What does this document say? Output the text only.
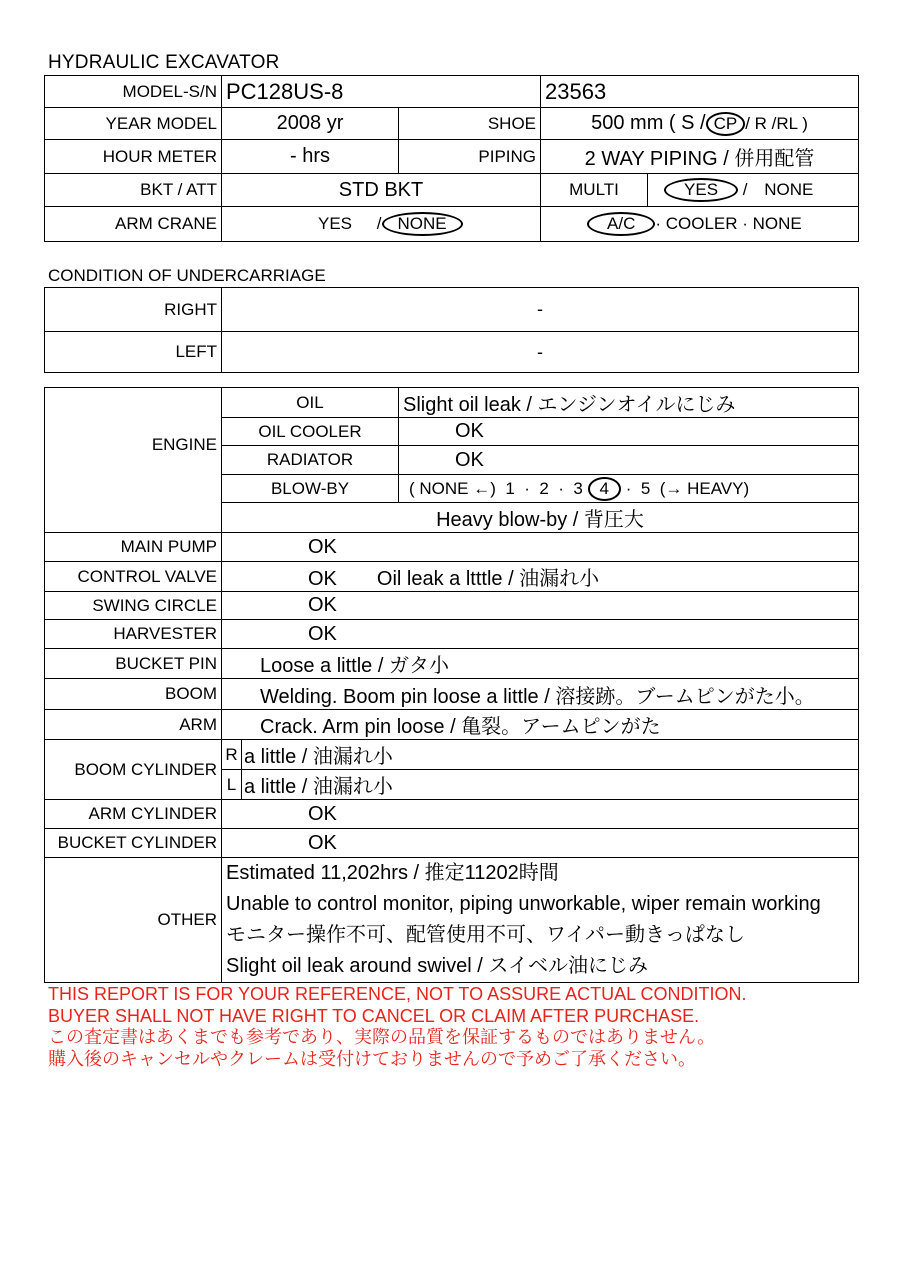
HYDRAULIC EXCAVATOR
MODEL-S/N	PC128US-8		23563	
YEAR MODEL	2008 yr	SHOE	500 mm ( S / CP / R /RL )	
HOUR METER	- hrs	PIPING	2 WAY PIPING / 併用配管	
BKT / ATT	STD BKT		MULTI	YES / NONE
ARM CRANE	YES / NONE		A/C · COOLER · NONE	
CONDITION OF UNDERCARRIAGE
RIGHT	-
LEFT	-
ENGINE	OIL		Slight oil leak / エンジンオイルにじみ
	OIL COOLER		OK
	RADIATOR		OK
	BLOW-BY		( NONE ←)  1  ·  2  ·  3 4 ·  5  (→ HEAVY)
	Heavy blow-by / 背圧大		
MAIN PUMP	OK		
CONTROL VALVE	OK Oil leak a ltttle / 油漏れ小		
SWING CIRCLE	OK		
HARVESTER	OK		
BUCKET PIN	Loose a little / ガタ小		
BOOM	Welding. Boom pin loose a little / 溶接跡。ブームピンがた小。		
ARM	Crack. Arm pin loose / 亀裂。アームピンがた		
BOOM CYLINDER	R	a little / 油漏れ小	
	L	a little / 油漏れ小	
ARM CYLINDER	OK		
BUCKET CYLINDER	OK		
OTHER	Estimated 11,202hrs / 推定11202時間
Unable to control monitor, piping unworkable, wiper remain working
モニター操作不可、配管使用不可、ワイパー動きっぱなし
Slight oil leak around swivel / スイベル油にじみ		
THIS REPORT IS FOR YOUR REFERENCE, NOT TO ASSURE ACTUAL CONDITION.
BUYER SHALL NOT HAVE RIGHT TO CANCEL OR CLAIM AFTER PURCHASE.
この査定書はあくまでも参考であり、実際の品質を保証するものではありません。
購入後のキャンセルやクレームは受付けておりませんので予めご了承ください。
